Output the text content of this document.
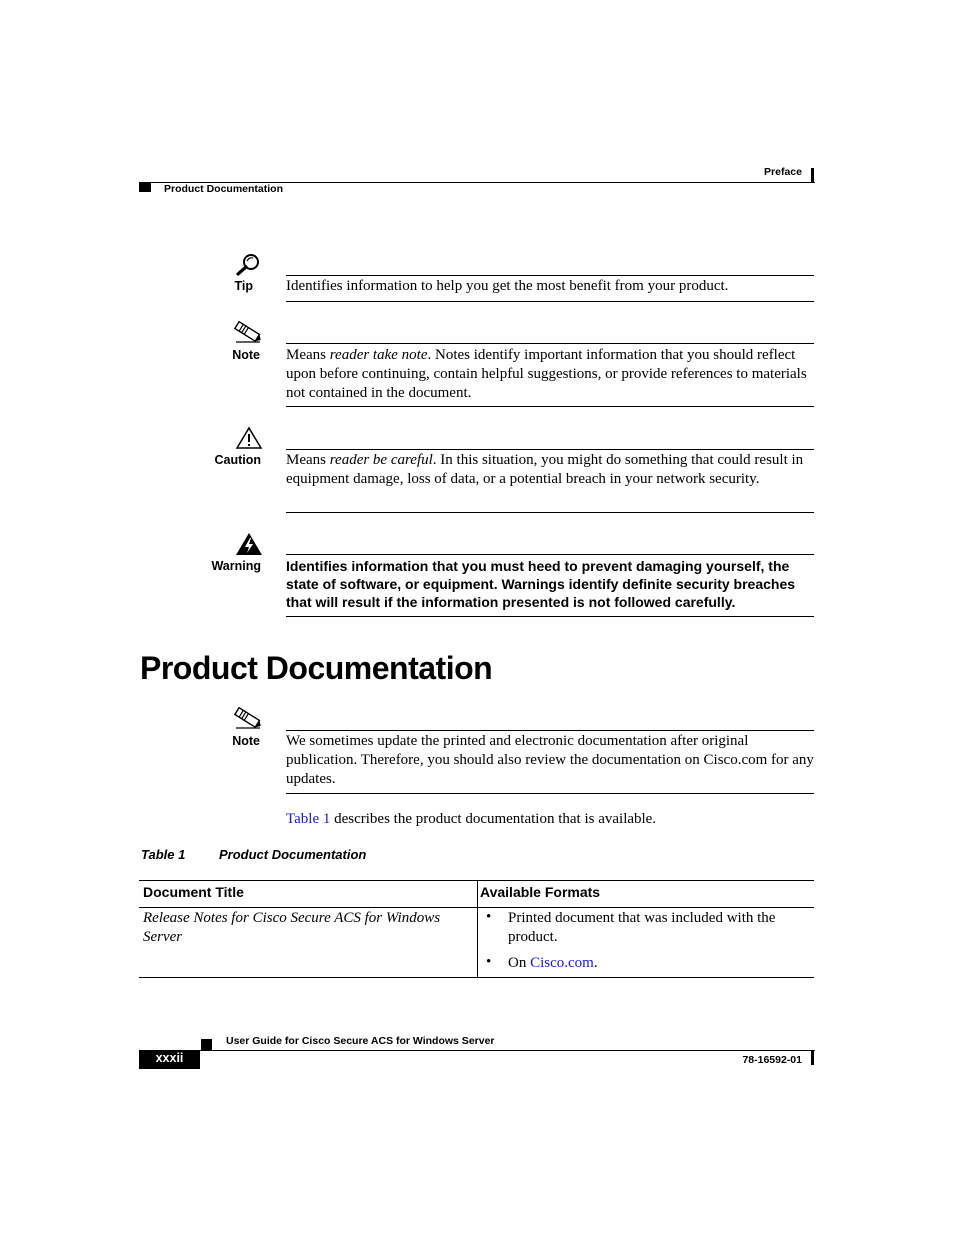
Preface
Product Documentation
Tip Identifies information to help you get the most benefit from your product.
Note Means reader take note. Notes identify important information that you should reflect upon before continuing, contain helpful suggestions, or provide references to materials not contained in the document.
Caution Means reader be careful. In this situation, you might do something that could result in equipment damage, loss of data, or a potential breach in your network security.
Warning Identifies information that you must heed to prevent damaging yourself, the state of software, or equipment. Warnings identify definite security breaches that will result if the information presented is not followed carefully.
Product Documentation
Note We sometimes update the printed and electronic documentation after original publication. Therefore, you should also review the documentation on Cisco.com for any updates.
Table 1 describes the product documentation that is available.
Table 1	Product Documentation
Document Title	Available Formats
Release Notes for Cisco Secure ACS for Windows Server
• Printed document that was included with the product.
• On Cisco.com.
User Guide for Cisco Secure ACS for Windows Server
xxxii	78-16592-01
